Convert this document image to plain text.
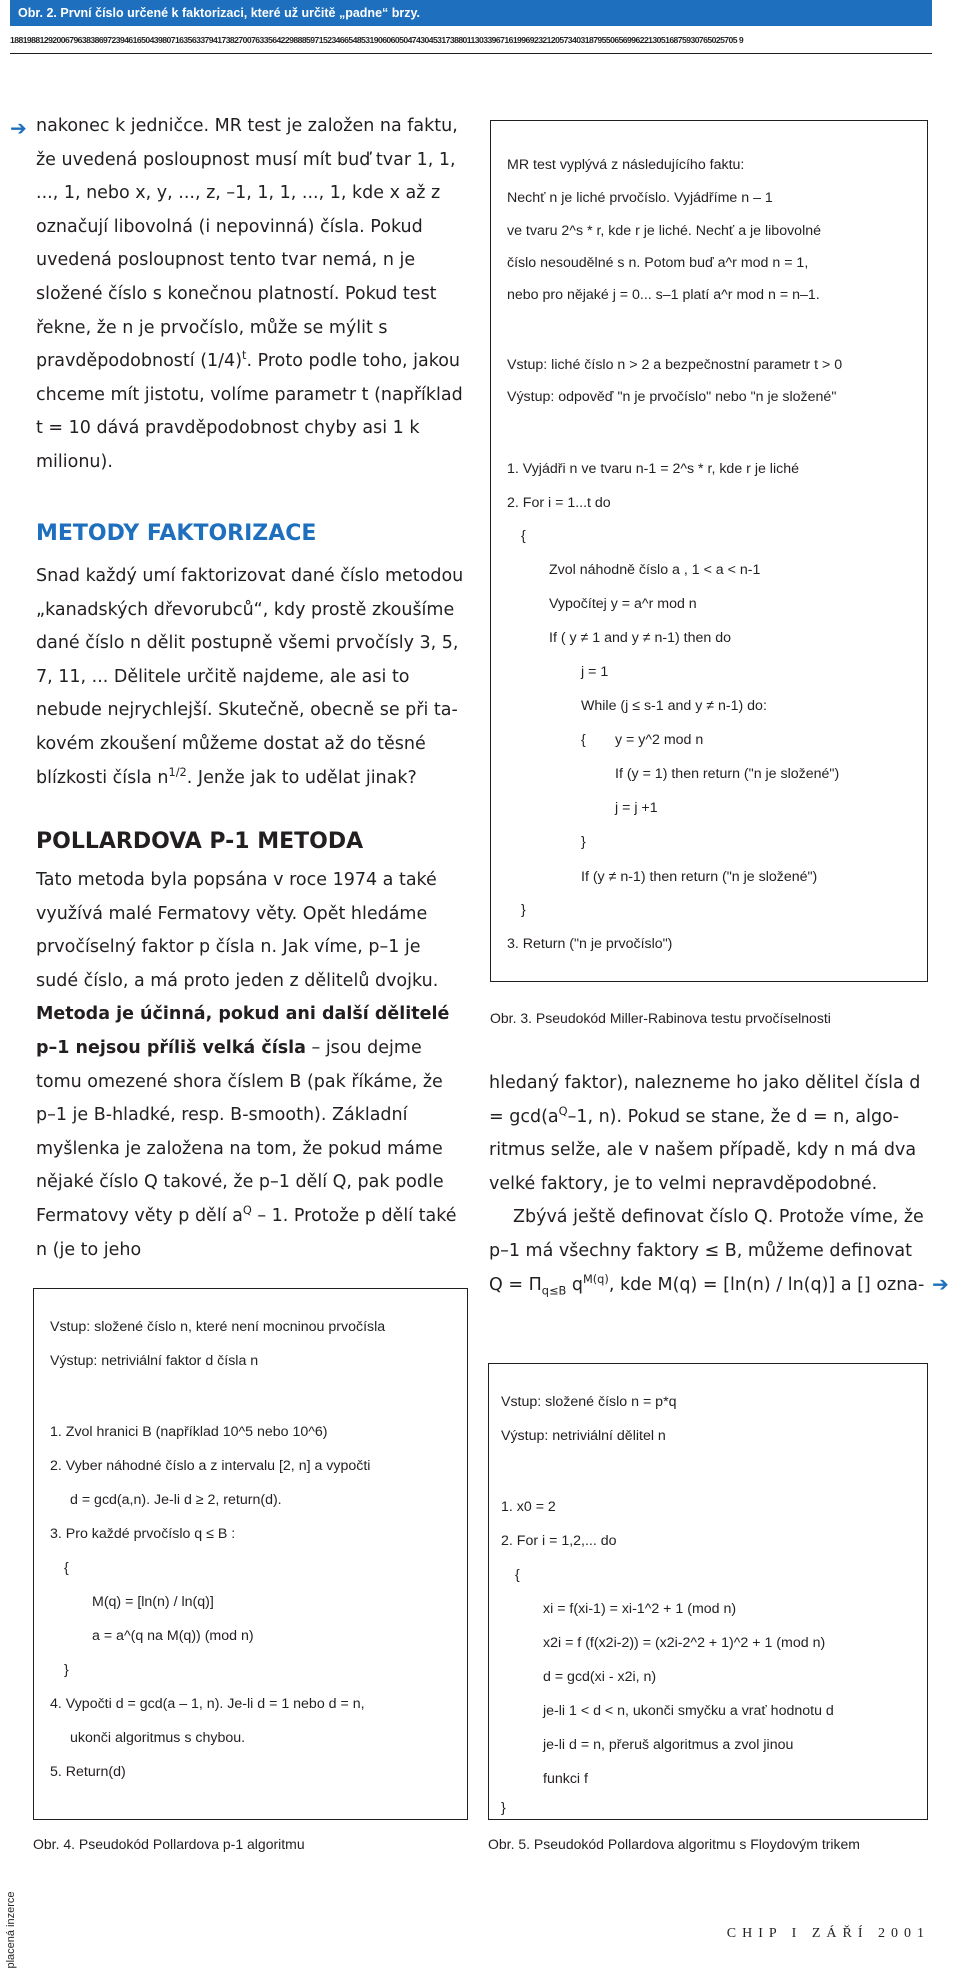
Obr. 2. První číslo určené k faktorizaci, které už určitě „padne“ brzy.
1881988129200679638386972394616504398071635633794173827007633564229888597152346654853190606050474304531738801130339671619969232120573403187955065699622130516875930765025705 9
➔ nakonec k jedničce. MR test je založen na faktu, že uvedená posloupnost musí mít buď tvar 1, 1, ..., 1, nebo x, y, ..., z, –1, 1, 1, ..., 1, kde x až z označují libovolná (i nepovinná) čísla. Pokud uvedená posloupnost tento tvar nemá, n je složené číslo s konečnou platností. Pokud test řekne, že n je prvočíslo, může se mýlit s pravděpodobností $(1/4)^t$. Proto podle toho, jakou chceme mít jistotu, volíme parametr t (například t = 10 dává pravděpodobnost chyby asi 1 k milionu).

METODY FAKTORIZACE

Snad každý umí faktorizovat dané číslo metodou „kanadských dřevorubců“, kdy prostě zkoušíme dané číslo n dělit postupně všemi prvočísly 3, 5, 7, 11, ... Dělitele určitě najdeme, ale asi to nebude nejrychlejší. Skutečně, obecně se při takovém zkoušení můžeme dostat až do těsné blízkosti čísla $n^{1/2}$. Jenže jak to udělat jinak?

POLLARDOVA P-1 METODA

Tato metoda byla popsána v roce 1974 a také využívá malé Fermatovy věty. Opět hledáme prvočíselný faktor p čísla n. Jak víme, p–1 je sudé číslo, a má proto jeden z dělitelů dvojku. Metoda je účinná, pokud ani další dělitelé p–1 nejsou příliš velká čísla – jsou dejme tomu omezené shora číslem B (pak říkáme, že p–1 je B-hladké, resp. B-smooth). Základní myšlenka je založena na tom, že pokud máme nějaké číslo Q takové, že p–1 dělí Q, pak podle Fermatovy věty p dělí $a^Q - 1$. Protože p dělí také n (je to jeho

hledaný faktor), nalezneme ho jako dělitel čísla $d = \gcd(a^Q-1$, n). Pokud se stane, že d = n, algoritmus selže, ale v našem případě, kdy n má dva velké faktory, je to velmi nepravděpodobné.

Zbývá ještě definovat číslo Q. Protože víme, že p–1 má všechny faktory ≤ B, můžeme definovat $Q = \Pi_{q\le B}$ $q^{M(q)}$, kde M(q) = [ln(n) / ln(q)] a [] ozna- ➔
MR test vyplývá z následujícího faktu:
Nechť n je liché prvočíslo. Vyjádříme n – 1
ve tvaru 2^s * r, kde r je liché. Nechť a je libovolné
číslo nesoudělné s n. Potom buď a^r mod n = 1,
nebo pro nějaké j = 0... s–1 platí a^r mod n = n–1.
Vstup: liché číslo n > 2 a bezpečnostní parametr t > 0
Výstup: odpověď "n je prvočíslo" nebo "n je složené"
1. Vyjádři n ve tvaru n-1 = 2^s * r, kde r je liché
2. For i = 1...t do
{
Zvol náhodně číslo a , 1 < a < n-1
Vypočítej y = a^r mod n
If ( y ≠ 1 and y ≠ n-1) then do
j = 1
While (j ≤ s-1 and y ≠ n-1) do:
{ y = y^2 mod n
If (y = 1) then return ("n je složené")
j = j +1
}
If (y ≠ n-1) then return ("n je složené")
}
3. Return ("n je prvočíslo")
Obr. 3. Pseudokód Miller-Rabinova testu prvočíselnosti
Vstup: složené číslo n, které není mocninou prvočísla
Výstup: netriviální faktor d čísla n
1. Zvol hranici B (například 10^5 nebo 10^6)
2. Vyber náhodné číslo a z intervalu [2, n] a vypočti
d = gcd(a,n). Je-li d ≥ 2, return(d).
3. Pro každé prvočíslo q ≤ B :
{
M(q) = [ln(n) / ln(q)]
a = a^(q na M(q)) (mod n)
}
4. Vypočti d = gcd(a – 1, n). Je-li d = 1 nebo d = n,
ukonči algoritmus s chybou.
5. Return(d)
Obr. 4. Pseudokód Pollardova p-1 algoritmu
Vstup: složené číslo n = p*q
Výstup: netriviální dělitel n
1. x0 = 2
2. For i = 1,2,... do
{
xi = f(xi-1) = xi-1^2 + 1 (mod n)
x2i = f (f(x2i-2)) = (x2i-2^2 + 1)^2 + 1 (mod n)
d = gcd(xi - x2i, n)
je-li 1 < d < n, ukonči smyčku a vrať hodnotu d
je-li d = n, přeruš algoritmus a zvol jinou
funkci f
}
Obr. 5. Pseudokód Pollardova algoritmu s Floydovým trikem
placená inzerce	CHIP I ZÁŘÍ 2001
